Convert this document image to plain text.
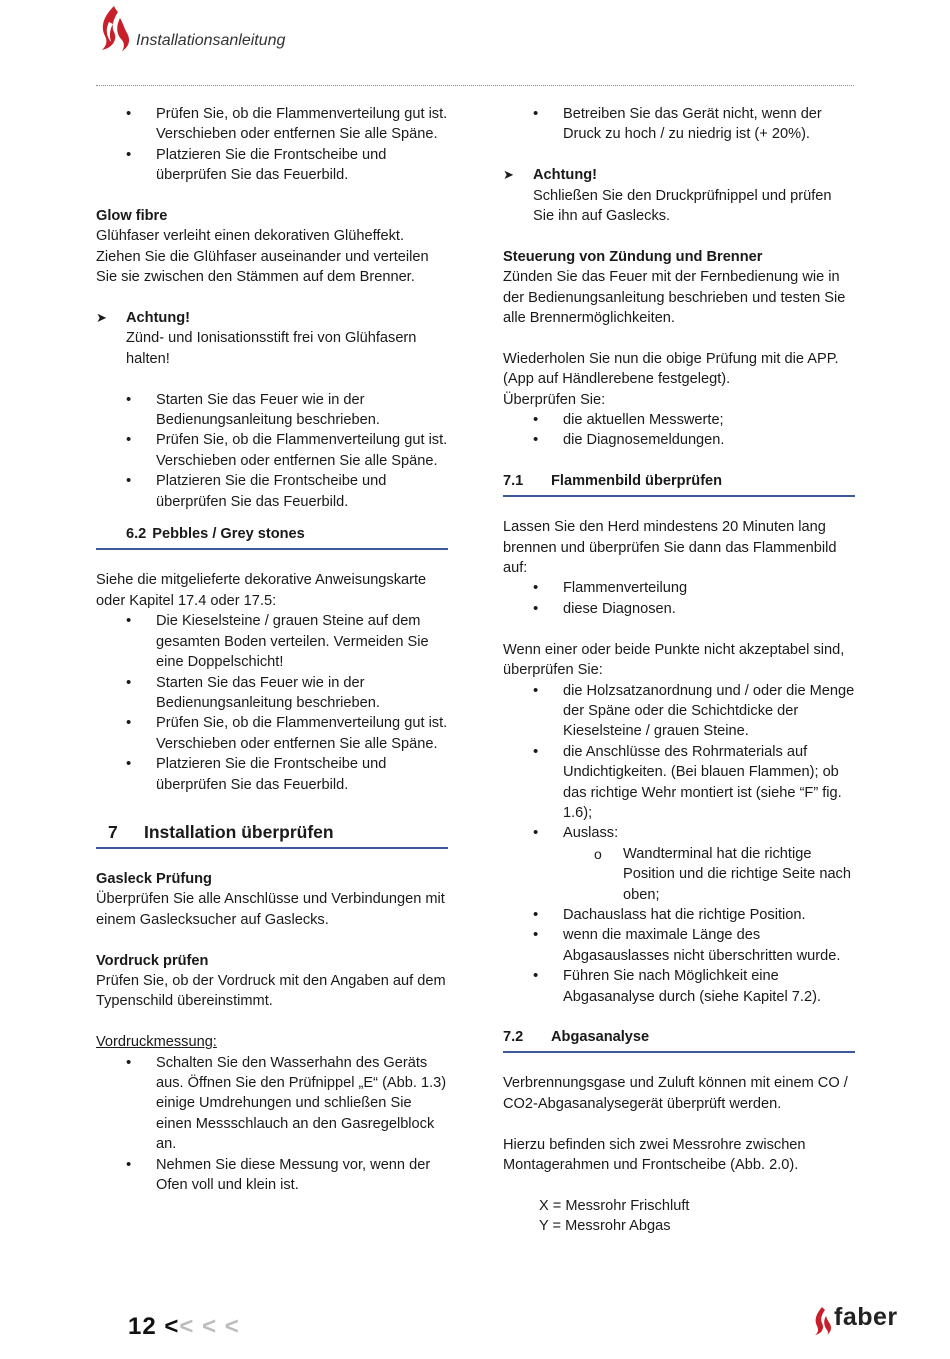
Installationsanleitung
• Prüfen Sie, ob die Flammenverteilung gut ist. Verschieben oder entfernen Sie alle Späne.
• Platzieren Sie die Frontscheibe und überprüfen Sie das Feuerbild.
Glow fibre
Glühfaser verleiht einen dekorativen Glüheffekt. Ziehen Sie die Glühfaser auseinander und verteilen Sie sie zwischen den Stämmen auf dem Brenner.
➤ Achtung!
Zünd- und Ionisationsstift frei von Glühfasern halten!
• Starten Sie das Feuer wie in der Bedienungsanleitung beschrieben.
• Prüfen Sie, ob die Flammenverteilung gut ist. Verschieben oder entfernen Sie alle Späne.
• Platzieren Sie die Frontscheibe und überprüfen Sie das Feuerbild.
6.2 Pebbles / Grey stones
Siehe die mitgelieferte dekorative Anweisungskarte oder Kapitel 17.4 oder 17.5:
• Die Kieselsteine / grauen Steine auf dem gesamten Boden verteilen. Vermeiden Sie eine Doppelschicht!
• Starten Sie das Feuer wie in der Bedienungsanleitung beschrieben.
• Prüfen Sie, ob die Flammenverteilung gut ist. Verschieben oder entfernen Sie alle Späne.
• Platzieren Sie die Frontscheibe und überprüfen Sie das Feuerbild.
7 Installation überprüfen
Gasleck Prüfung
Überprüfen Sie alle Anschlüsse und Verbindungen mit einem Gaslecksucher auf Gaslecks.
Vordruck prüfen
Prüfen Sie, ob der Vordruck mit den Angaben auf dem Typenschild übereinstimmt.
Vordruckmessung:
• Schalten Sie den Wasserhahn des Geräts aus. Öffnen Sie den Prüfnippel „E“ (Abb. 1.3) einige Umdrehungen und schließen Sie einen Messschlauch an den Gasregelblock an.
• Nehmen Sie diese Messung vor, wenn der Ofen voll und klein ist.
• Betreiben Sie das Gerät nicht, wenn der Druck zu hoch / zu niedrig ist (+ 20%).
➤ Achtung!
Schließen Sie den Druckprüfnippel und prüfen Sie ihn auf Gaslecks.
Steuerung von Zündung und Brenner
Zünden Sie das Feuer mit der Fernbedienung wie in der Bedienungsanleitung beschrieben und testen Sie alle Brennermöglichkeiten.
Wiederholen Sie nun die obige Prüfung mit die APP. (App auf Händlerebene festgelegt).
Überprüfen Sie:
• die aktuellen Messwerte;
• die Diagnosemeldungen.
7.1 Flammenbild überprüfen
Lassen Sie den Herd mindestens 20 Minuten lang brennen und überprüfen Sie dann das Flammenbild auf:
• Flammenverteilung
• diese Diagnosen.
Wenn einer oder beide Punkte nicht akzeptabel sind, überprüfen Sie:
• die Holzsatzanordnung und / oder die Menge der Späne oder die Schichtdicke der Kieselsteine / grauen Steine.
• die Anschlüsse des Rohrmaterials auf Undichtigkeiten. (Bei blauen Flammen); ob das richtige Wehr montiert ist (siehe “F” fig. 1.6);
• Auslass:
o Wandterminal hat die richtige Position und die richtige Seite nach oben;
• Dachauslass hat die richtige Position.
• wenn die maximale Länge des Abgasauslasses nicht überschritten wurde.
• Führen Sie nach Möglichkeit eine Abgasanalyse durch (siehe Kapitel 7.2).
7.2 Abgasanalyse
Verbrennungsgase und Zuluft können mit einem CO / CO2-Abgasanalysegerät überprüft werden.
Hierzu befinden sich zwei Messrohre zwischen Montagerahmen und Frontscheibe (Abb. 2.0).
X = Messrohr Frischluft
Y = Messrohr Abgas
12 << < <	faber
